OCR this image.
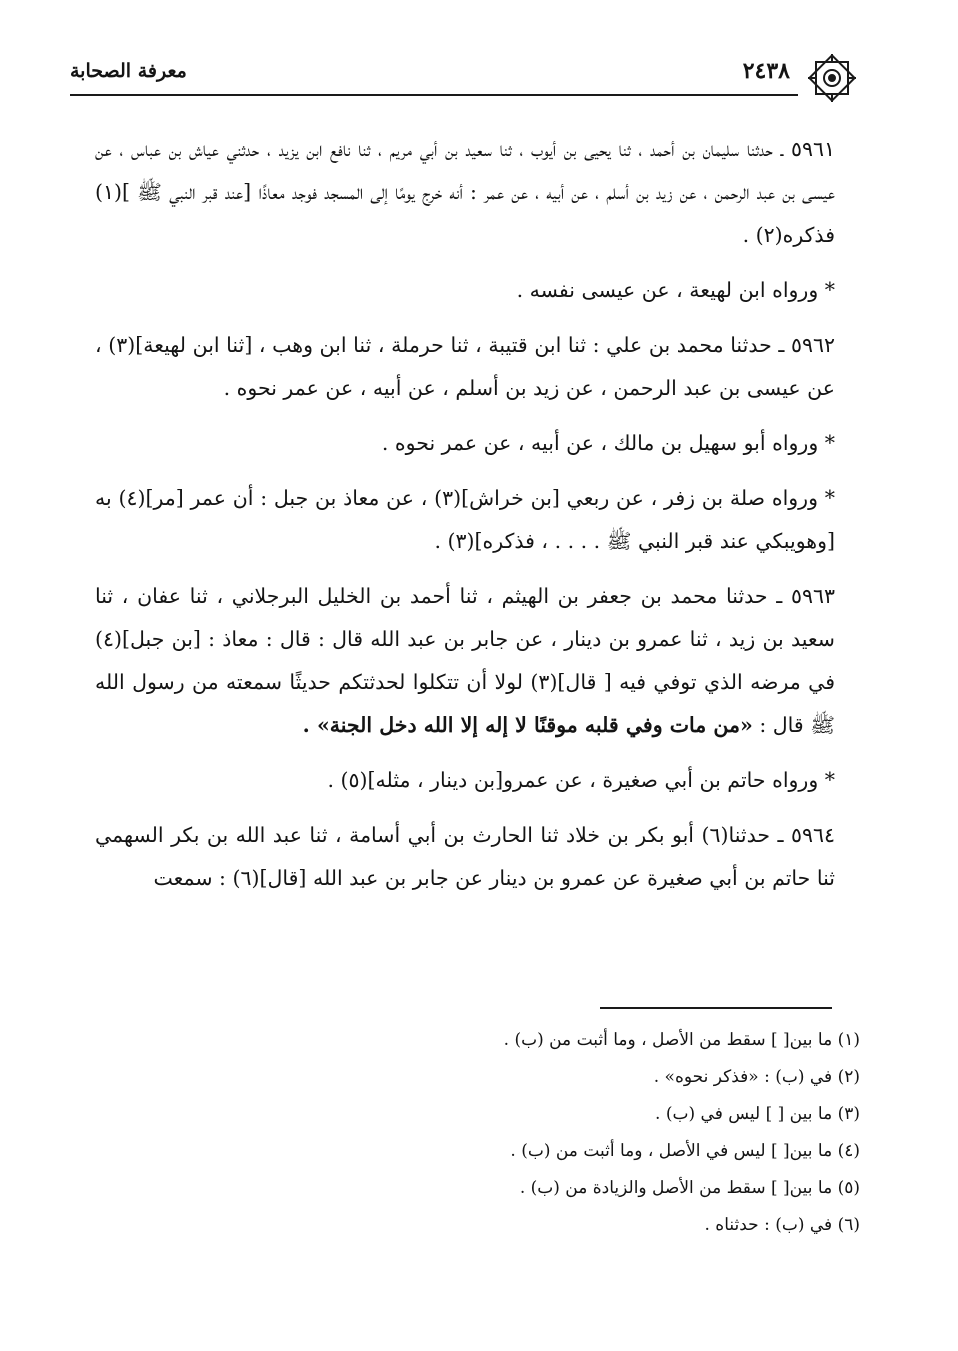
معرفة الصحابة	٢٤٣٨

٥٩٦١ ـ حدثنا سليمان بن أحمد ، ثنا يحيى بن أيوب ، ثنا سعيد بن أبي مريم ، ثنا نافع ابن يزيد ، حدثني عياش بن عباس ، عن عيسى بن عبد الرحمن ، عن زيد بن أسلم ، عن أبيه ، عن عمر : أنه خرج يومًا إلى المسجد فوجد معاذًا [عند قبر النبي ﷺ ](١) فذكره(٢) .

* ورواه ابن لهيعة ، عن عيسى نفسه .

٥٩٦٢ ـ حدثنا محمد بن علي : ثنا ابن قتيبة ، ثنا حرملة ، ثنا ابن وهب ، [ثنا ابن لهيعة](٣) ، عن عيسى بن عبد الرحمن ، عن زيد بن أسلم ، عن أبيه ، عن عمر نحوه .

* ورواه أبو سهيل بن مالك ، عن أبيه ، عن عمر نحوه .

* ورواه صلة بن زفر ، عن ربعي [بن خراش](٣) ، عن معاذ بن جبل : أن عمر [مر](٤) به [وهويبكي عند قبر النبي ﷺ . . . . ، فذكره](٣) .

٥٩٦٣ ـ حدثنا محمد بن جعفر بن الهيثم ، ثنا أحمد بن الخليل البرجلاني ، ثنا عفان ، ثنا سعيد بن زيد ، ثنا عمرو بن دينار ، عن جابر بن عبد الله قال : قال : معاذ : [بن جبل](٤) في مرضه الذي توفي فيه [ قال](٣) لولا أن تتكلوا لحدثتكم حديثًا سمعته من رسول الله ﷺ قال : «من مات وفي قلبه موقنًا لا إله إلا الله دخل الجنة» .

* ورواه حاتم بن أبي صغيرة ، عن عمرو[بن دينار ، مثله](٥) .

٥٩٦٤ ـ حدثنا(٦) أبو بكر بن خلاد ثنا الحارث بن أبي أسامة ، ثنا عبد الله بن بكر السهمي ثنا حاتم بن أبي صغيرة عن عمرو بن دينار عن جابر بن عبد الله [قال](٦) : سمعت

(١) ما بين[ ] سقط من الأصل ، وما أثبت من (ب) .

(٢) في (ب) : «فذكر نحوه» .

(٣) ما بين [ ] ليس في (ب) .

(٤) ما بين[ ] ليس في الأصل ، وما أثبت من (ب) .

(٥) ما بين[ ] سقط من الأصل والزيادة من (ب) .

(٦) في (ب) : حدثناه .
